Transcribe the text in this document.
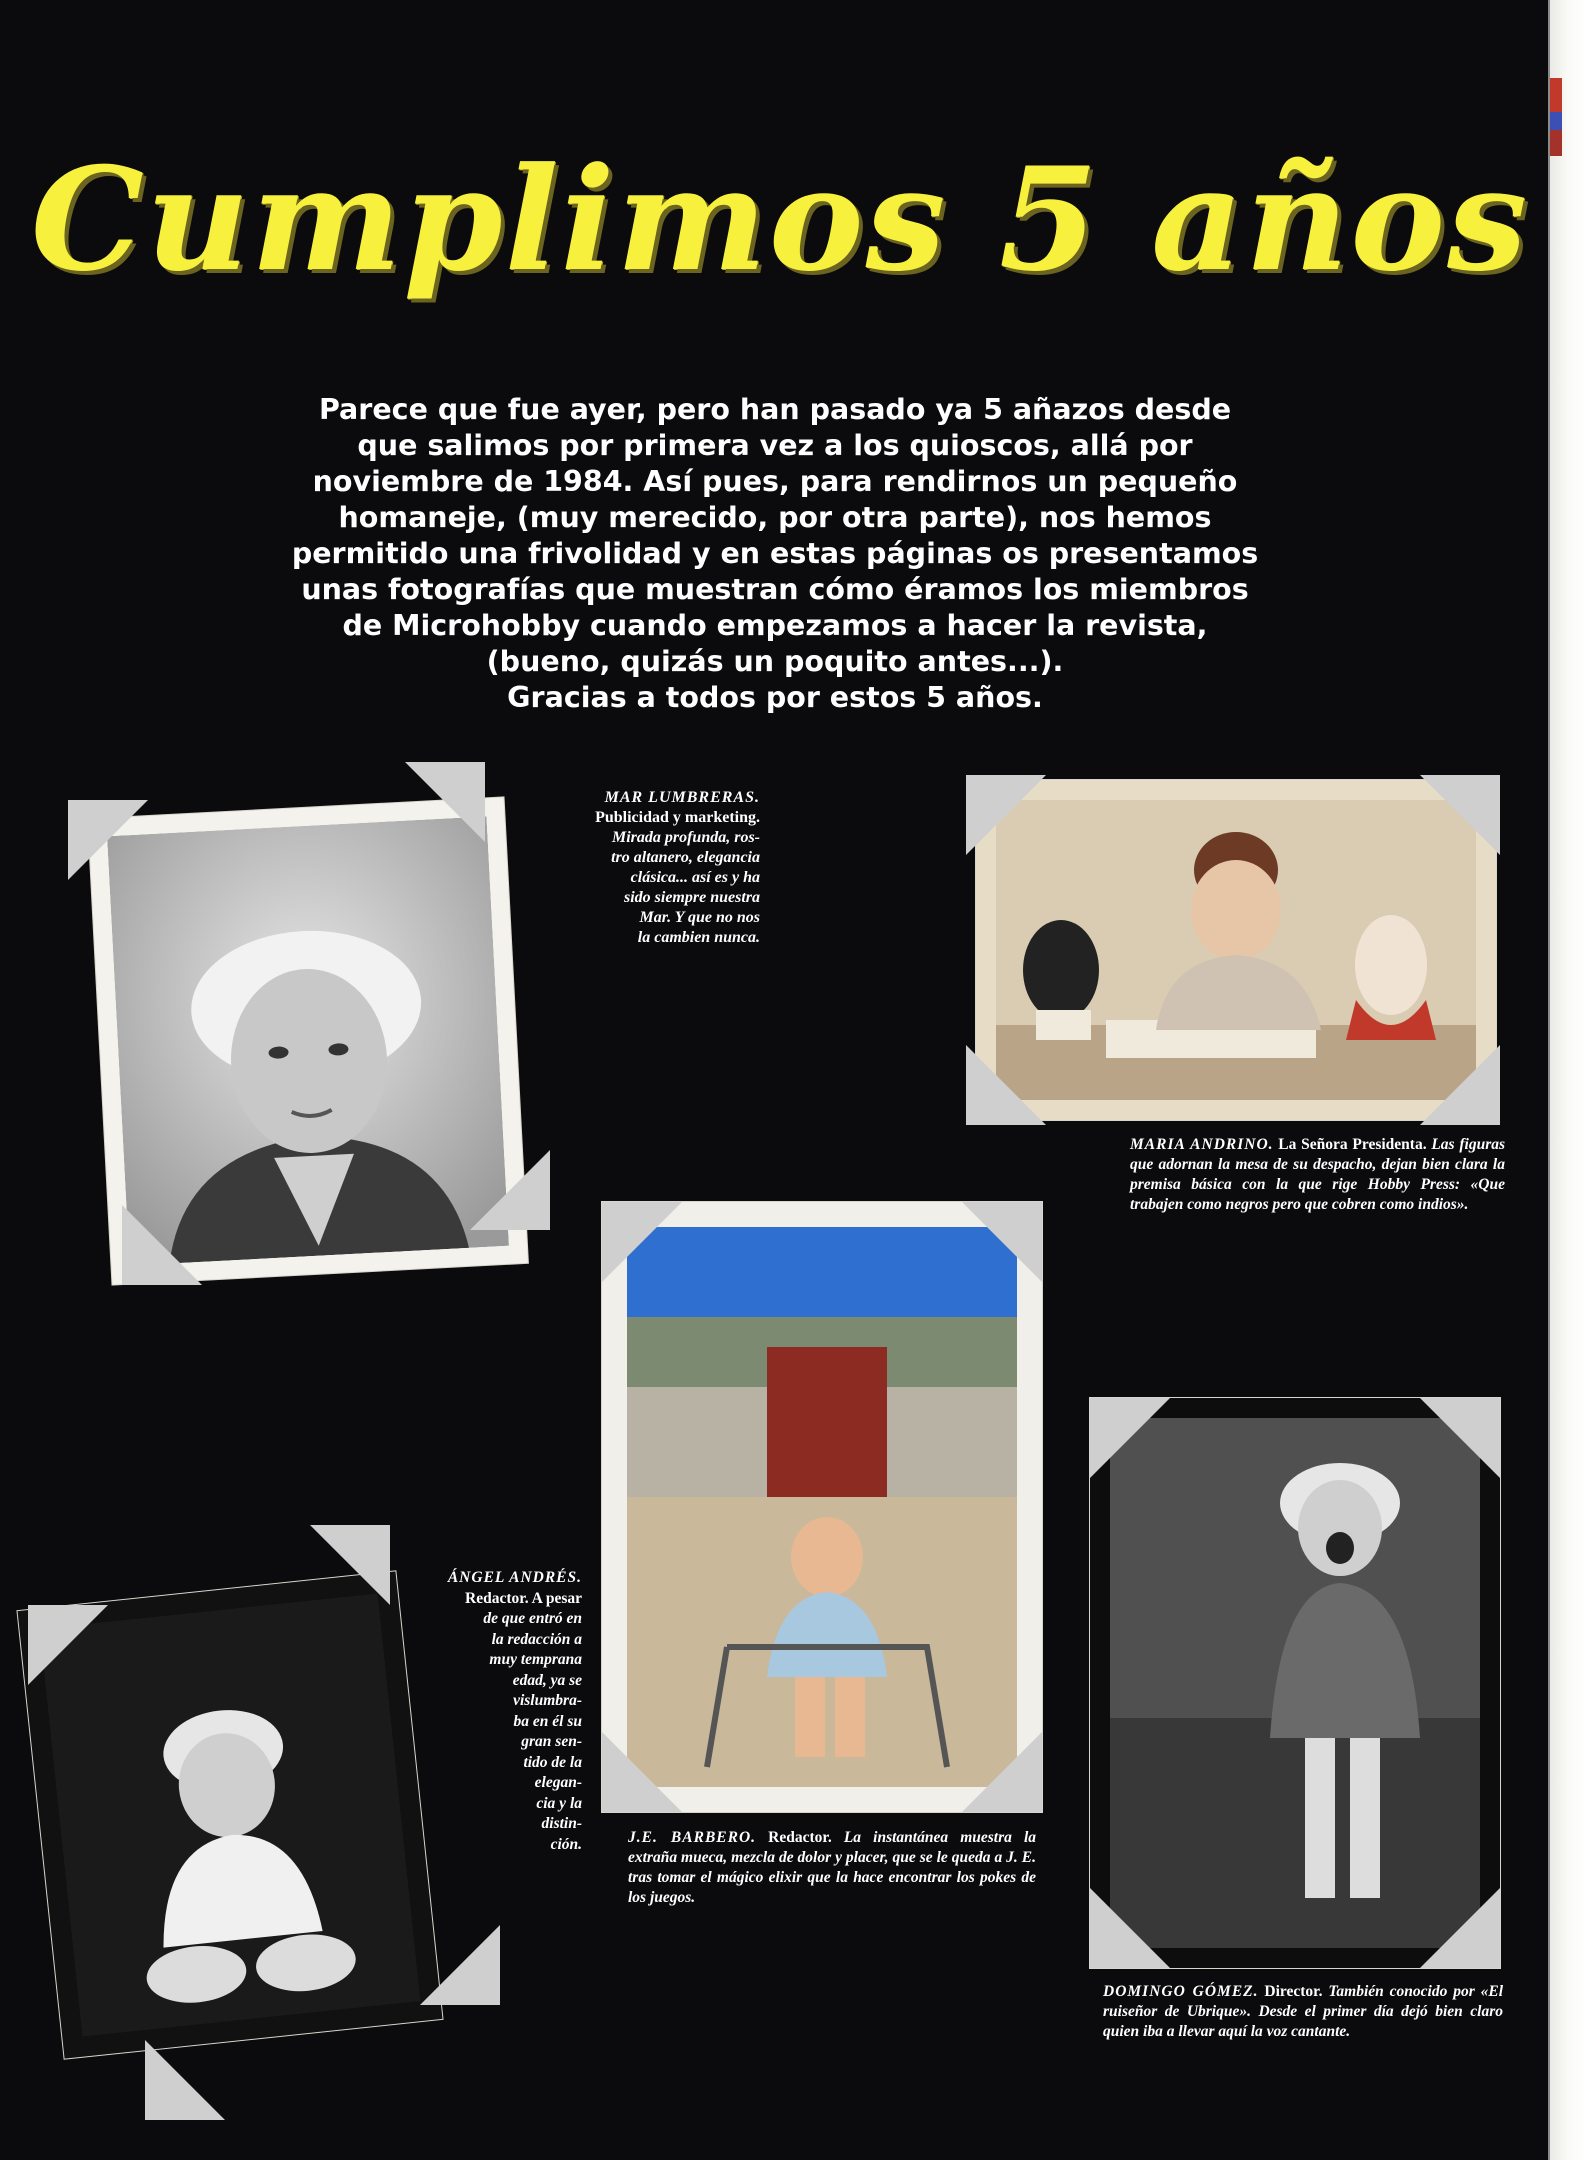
Cumplimos 5 años
Parece que fue ayer, pero han pasado ya 5 añazos desde
que salimos por primera vez a los quioscos, allá por
noviembre de 1984. Así pues, para rendirnos un pequeño
homaneje, (muy merecido, por otra parte), nos hemos
permitido una frivolidad y en estas páginas os presentamos
unas fotografías que muestran cómo éramos los miembros
de Microhobby cuando empezamos a hacer la revista,
(bueno, quizás un poquito antes...).
Gracias a todos por estos 5 años.
MAR LUMBRERAS.
Publicidad y marketing.
Mirada profunda, ros-
tro altanero, elegancia
clásica... así es y ha
sido siempre nuestra
Mar. Y que no nos
la cambien nunca.

MARIA ANDRINO. La Señora Presidenta. Las figuras que adornan la mesa de su despacho, dejan bien clara la premisa básica con la que rige Hobby Press: «Que trabajen como negros pero que cobren como indios».

ÁNGEL ANDRÉS.
Redactor. A pesar
de que entró en
la redacción a
muy temprana
edad, ya se
vislumbra-
ba en él su
gran sen-
tido de la
elegan-
cia y la
distin-
ción.	J.E. BARBERO. Redactor. La instantánea muestra la extraña mueca, mezcla de dolor y placer, que se le queda a J. E. tras tomar el mágico elixir que la hace encontrar los pokes de los juegos.

DOMINGO GÓMEZ. Director. También conocido por «El ruiseñor de Ubrique». Desde el primer día dejó bien claro quien iba a llevar aquí la voz cantante.
